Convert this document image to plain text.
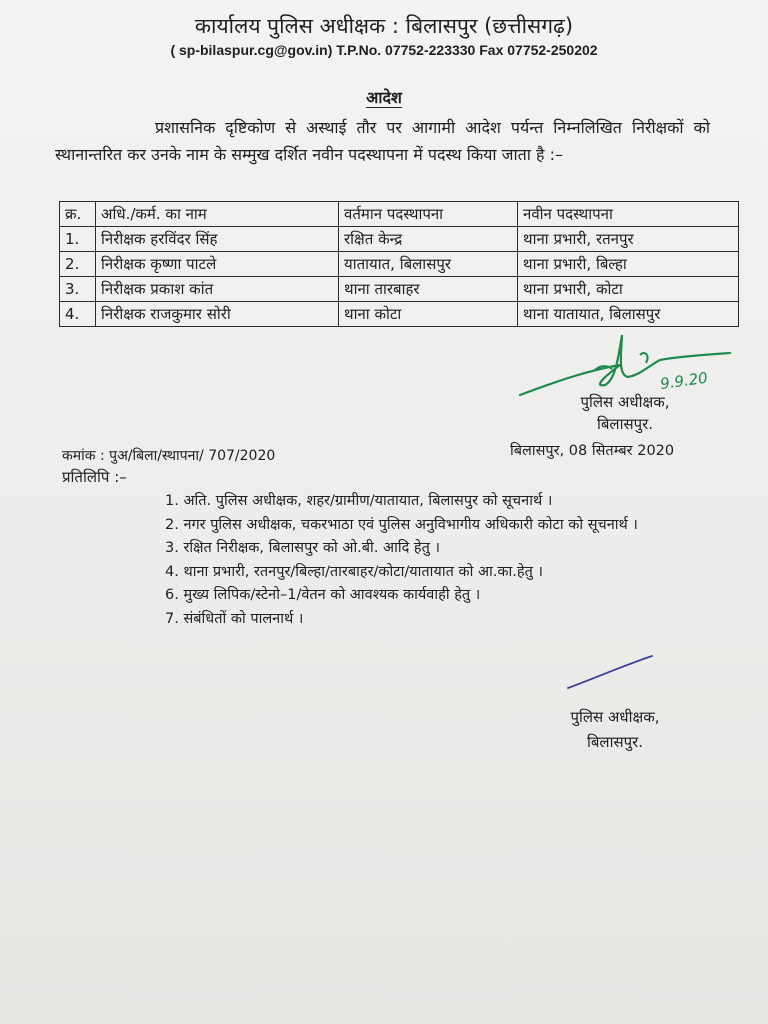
कार्यालय पुलिस अधीक्षक : बिलासपुर (छत्तीसगढ़)
( sp-bilaspur.cg@gov.in) T.P.No. 07752-223330 Fax 07752-250202
आदेश
प्रशासनिक दृष्टिकोण से अस्थाई तौर पर आगामी आदेश पर्यन्त निम्नलिखित निरीक्षकों को स्थानान्तरित कर उनके नाम के सम्मुख दर्शित नवीन पदस्थापना में पदस्थ किया जाता है :–
क्र.	अधि./कर्म. का नाम	वर्तमान पदस्थापना	नवीन पदस्थापना
1.	निरीक्षक हरविंदर सिंह	रक्षित केन्द्र	थाना प्रभारी, रतनपुर
2.	निरीक्षक कृष्णा पाटले	यातायात, बिलासपुर	थाना प्रभारी, बिल्हा
3.	निरीक्षक प्रकाश कांत	थाना तारबाहर	थाना प्रभारी, कोटा
4.	निरीक्षक राजकुमार सोरी	थाना कोटा	थाना यातायात, बिलासपुर
9.9.20
पुलिस अधीक्षक,
बिलासपुर.
कमांक : पुअ/बिला/स्थापना/ 707/2020	बिलासपुर, 08 सितम्बर 2020
प्रतिलिपि :–
1. अति. पुलिस अधीक्षक, शहर/ग्रामीण/यातायात, बिलासपुर को सूचनार्थ ।
2. नगर पुलिस अधीक्षक, चकरभाठा एवं पुलिस अनुविभागीय अधिकारी कोटा को सूचनार्थ ।
3. रक्षित निरीक्षक, बिलासपुर को ओ.बी. आदि हेतु ।
4. थाना प्रभारी, रतनपुर/बिल्हा/तारबाहर/कोटा/यातायात को आ.का.हेतु ।
6. मुख्य लिपिक/स्टेनो–1/वेतन को आवश्यक कार्यवाही हेतु ।
7. संबंधितों को पालनार्थ ।
पुलिस अधीक्षक,
बिलासपुर.
